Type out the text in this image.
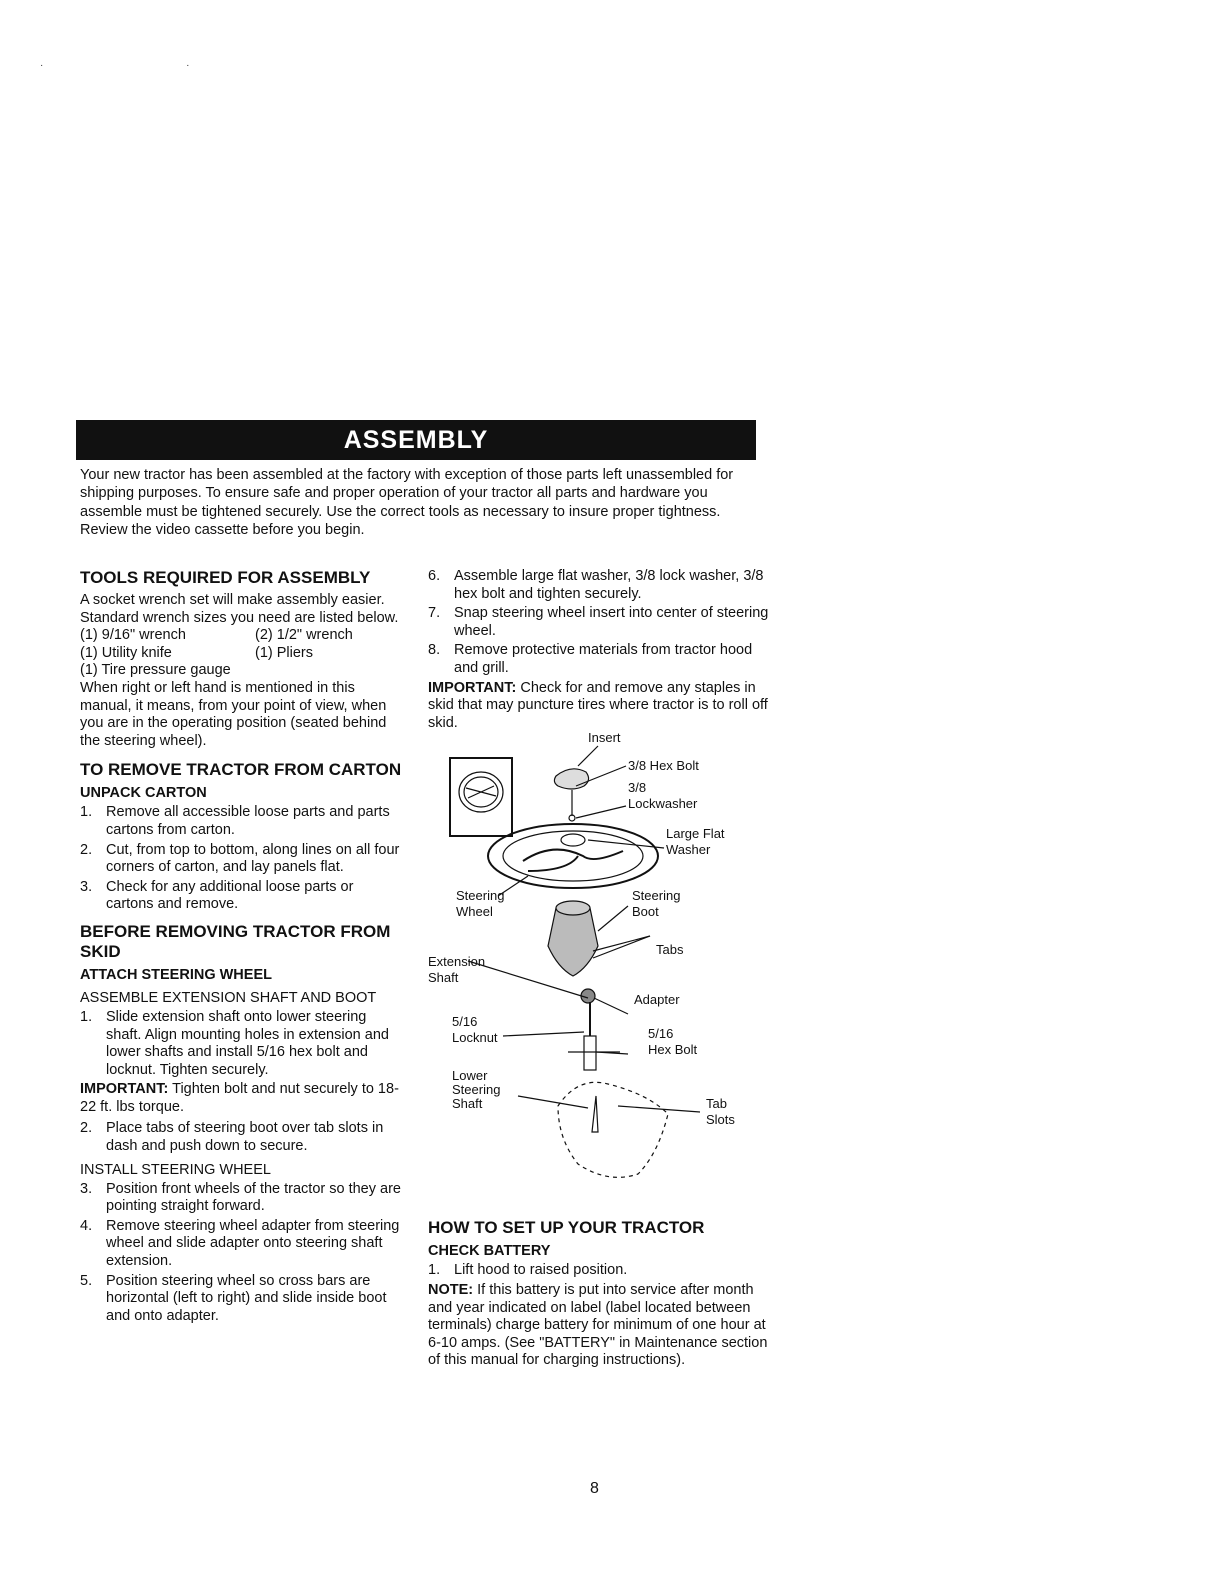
· ·
ASSEMBLY
Your new tractor has been assembled at the factory with exception of those parts left unassembled for shipping purposes. To ensure safe and proper operation of your tractor all parts and hardware you assemble must be tightened securely. Use the correct tools as necessary to insure proper tightness. Review the video cassette before you begin.
TOOLS REQUIRED FOR ASSEMBLY

A socket wrench set will make assembly easier. Standard wrench sizes you need are listed below.

(1) 9/16" wrench	(2) 1/2" wrench
(1) Utility knife	(1) Pliers
(1) Tire pressure gauge

When right or left hand is mentioned in this manual, it means, from your point of view, when you are in the operating position (seated behind the steering wheel).

TO REMOVE TRACTOR FROM CARTON
UNPACK CARTON
1. Remove all accessible loose parts and parts cartons from carton.
2. Cut, from top to bottom, along lines on all four corners of carton, and lay panels flat.
3. Check for any additional loose parts or cartons and remove.
BEFORE REMOVING TRACTOR FROM SKID
ATTACH STEERING WHEEL
ASSEMBLE EXTENSION SHAFT AND BOOT
1. Slide extension shaft onto lower steering shaft. Align mounting holes in extension and lower shafts and install 5/16 hex bolt and locknut. Tighten securely.

IMPORTANT: Tighten bolt and nut securely to 18-22 ft. lbs torque.

2. Place tabs of steering boot over tab slots in dash and push down to secure.
INSTALL STEERING WHEEL
3. Position front wheels of the tractor so they are pointing straight forward.
4. Remove steering wheel adapter from steering wheel and slide adapter onto steering shaft extension.
5. Position steering wheel so cross bars are horizontal (left to right) and slide inside boot and onto adapter.
6. Assemble large flat washer, 3/8 lock washer, 3/8 hex bolt and tighten securely.
7. Snap steering wheel insert into center of steering wheel.
8. Remove protective materials from tractor hood and grill.

IMPORTANT: Check for and remove any staples in skid that may puncture tires where tractor is to roll off skid.

Insert
3/8 Hex Bolt
3/8
Lockwasher
Large Flat
Washer
Steering
Wheel
Steering
Boot
Tabs
Extension
Shaft
Adapter
5/16
Locknut	5/16
Hex Bolt
Lower
Steering
Shaft	Tab
Slots
HOW TO SET UP YOUR TRACTOR
CHECK BATTERY
1. Lift hood to raised position.

NOTE: If this battery is put into service after month and year indicated on label (label located between terminals) charge battery for minimum of one hour at 6-10 amps. (See "BATTERY" in Maintenance section of this manual for charging instructions).

8
